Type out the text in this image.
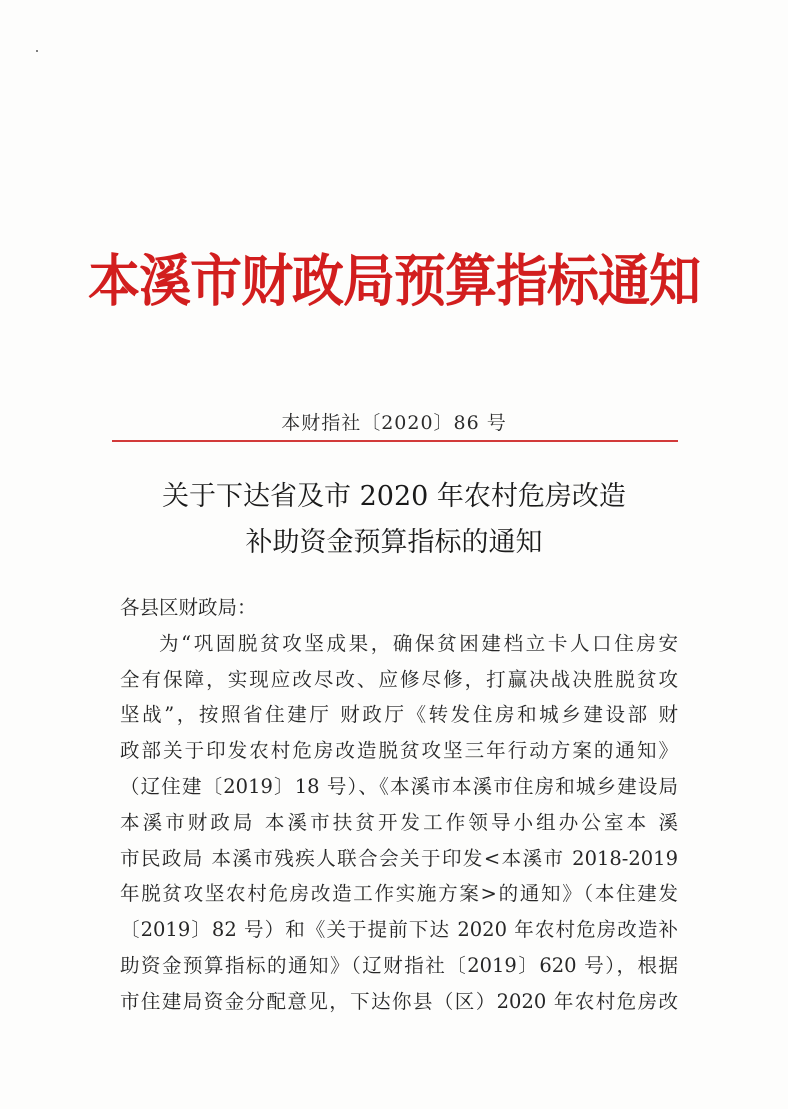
本溪市财政局预算指标通知
本财指社〔2020〕86 号
关于下达省及市 2020 年农村危房改造
补助资金预算指标的通知
各县区财政局：
为“巩固脱贫攻坚成果，确保贫困建档立卡人口住房安
全有保障，实现应改尽改、应修尽修，打赢决战决胜脱贫攻
坚战”，按照省住建厅 财政厅《转发住房和城乡建设部 财
政部关于印发农村危房改造脱贫攻坚三年行动方案的通知》
（辽住建〔2019〕18 号）、《本溪市本溪市住房和城乡建设局
本溪市财政局 本溪市扶贫开发工作领导小组办公室本 溪
市民政局 本溪市残疾人联合会关于印发<本溪市 2018-2019
年脱贫攻坚农村危房改造工作实施方案>的通知》（本住建发
〔2019〕82 号）和《关于提前下达 2020 年农村危房改造补
助资金预算指标的通知》（辽财指社〔2019〕620 号），根据
市住建局资金分配意见，下达你县（区）2020 年农村危房改
